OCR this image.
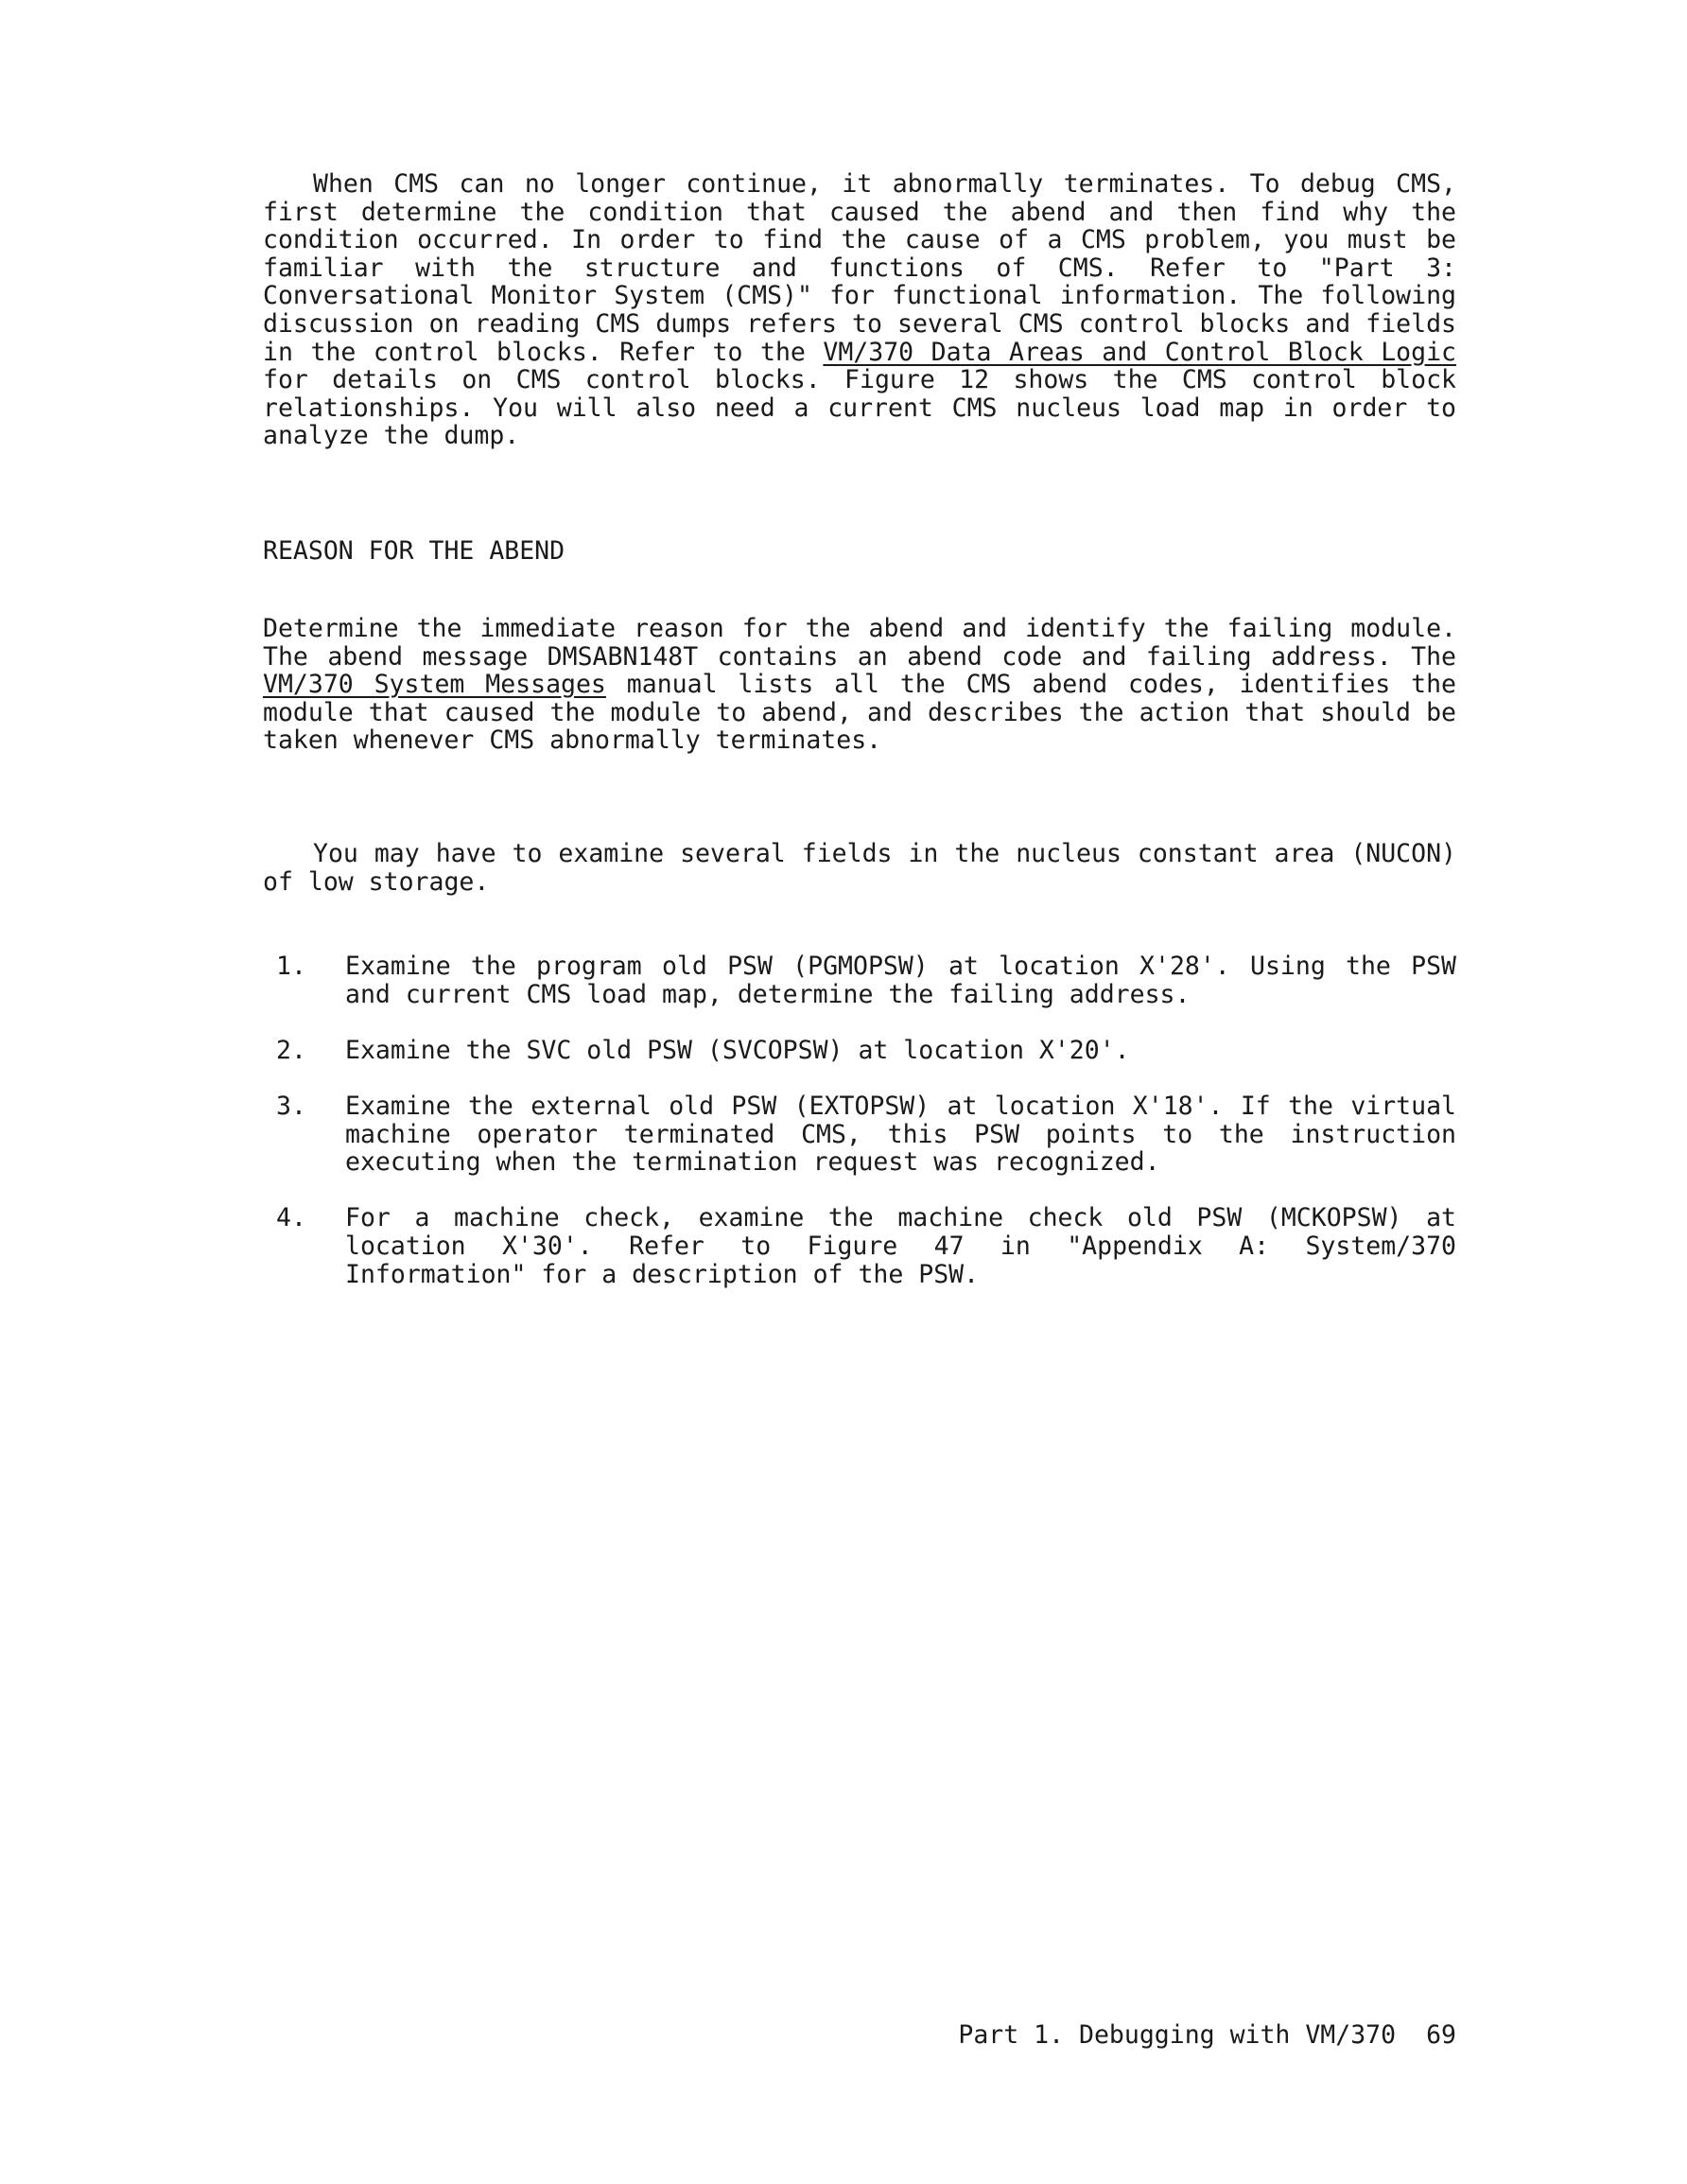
When CMS can no longer continue, it abnormally terminates. To debug CMS, first determine the condition that caused the abend and then find why the condition occurred. In order to find the cause of a CMS problem, you must be familiar with the structure and functions of CMS. Refer to "Part 3: Conversational Monitor System (CMS)" for functional information. The following discussion on reading CMS dumps refers to several CMS control blocks and fields in the control blocks. Refer to the VM/370 Data Areas and Control Block Logic for details on CMS control blocks. Figure 12 shows the CMS control block relationships. You will also need a current CMS nucleus load map in order to analyze the dump.

REASON FOR THE ABEND

Determine the immediate reason for the abend and identify the failing module. The abend message DMSABN148T contains an abend code and failing address. The VM/370 System Messages manual lists all the CMS abend codes, identifies the module that caused the module to abend, and describes the action that should be taken whenever CMS abnormally terminates.

You may have to examine several fields in the nucleus constant area (NUCON) of low storage.

1. Examine the program old PSW (PGMOPSW) at location X'28'. Using the PSW and current CMS load map, determine the failing address.
2. Examine the SVC old PSW (SVCOPSW) at location X'20'.
3. Examine the external old PSW (EXTOPSW) at location X'18'. If the virtual machine operator terminated CMS, this PSW points to the instruction executing when the termination request was recognized.
4. For a machine check, examine the machine check old PSW (MCKOPSW) at location X'30'. Refer to Figure 47 in "Appendix A: System/370 Information" for a description of the PSW.

Part 1. Debugging with VM/370 69
